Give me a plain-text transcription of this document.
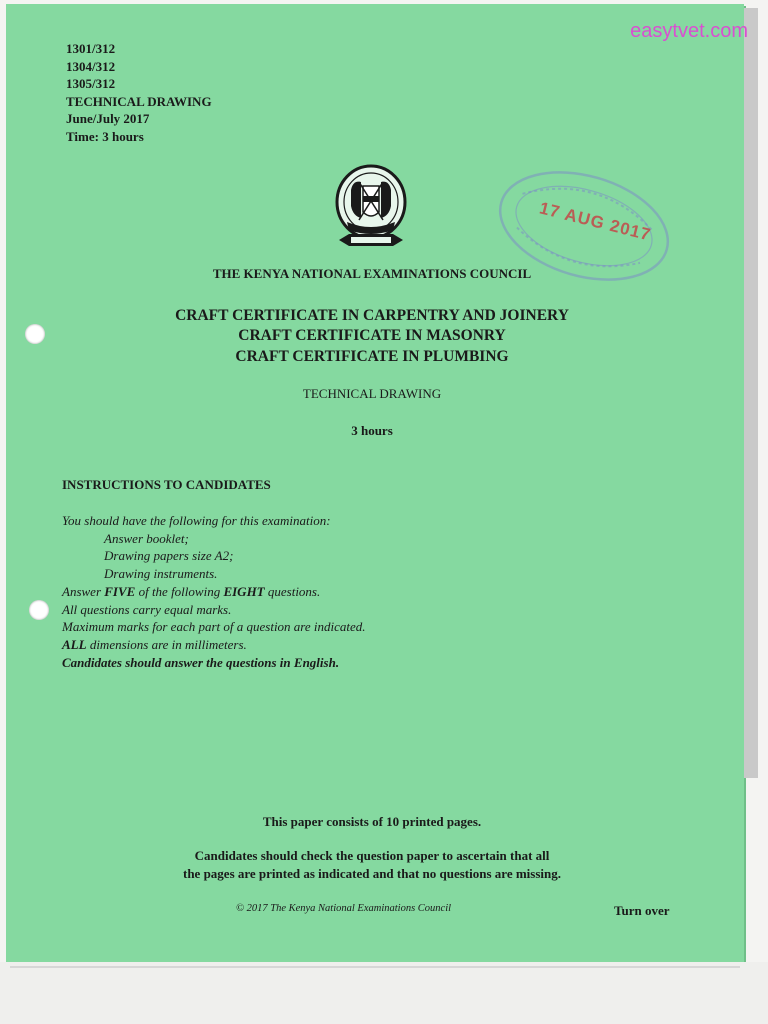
easytvet.com
1301/312
1304/312
1305/312
TECHNICAL DRAWING
June/July 2017
Time: 3 hours
17 AUG 2017
THE KENYA NATIONAL EXAMINATIONS COUNCIL
CRAFT CERTIFICATE IN CARPENTRY AND JOINERY
CRAFT CERTIFICATE IN MASONRY
CRAFT CERTIFICATE IN PLUMBING
TECHNICAL DRAWING
3 hours
INSTRUCTIONS TO CANDIDATES
You should have the following for this examination:
Answer booklet;
Drawing papers size A2;
Drawing instruments.
Answer FIVE of the following EIGHT questions.
All questions carry equal marks.
Maximum marks for each part of a question are indicated.
ALL dimensions are in millimeters.
Candidates should answer the questions in English.
This paper consists of 10 printed pages.
Candidates should check the question paper to ascertain that all
the pages are printed as indicated and that no questions are missing.
© 2017 The Kenya National Examinations Council	Turn over
